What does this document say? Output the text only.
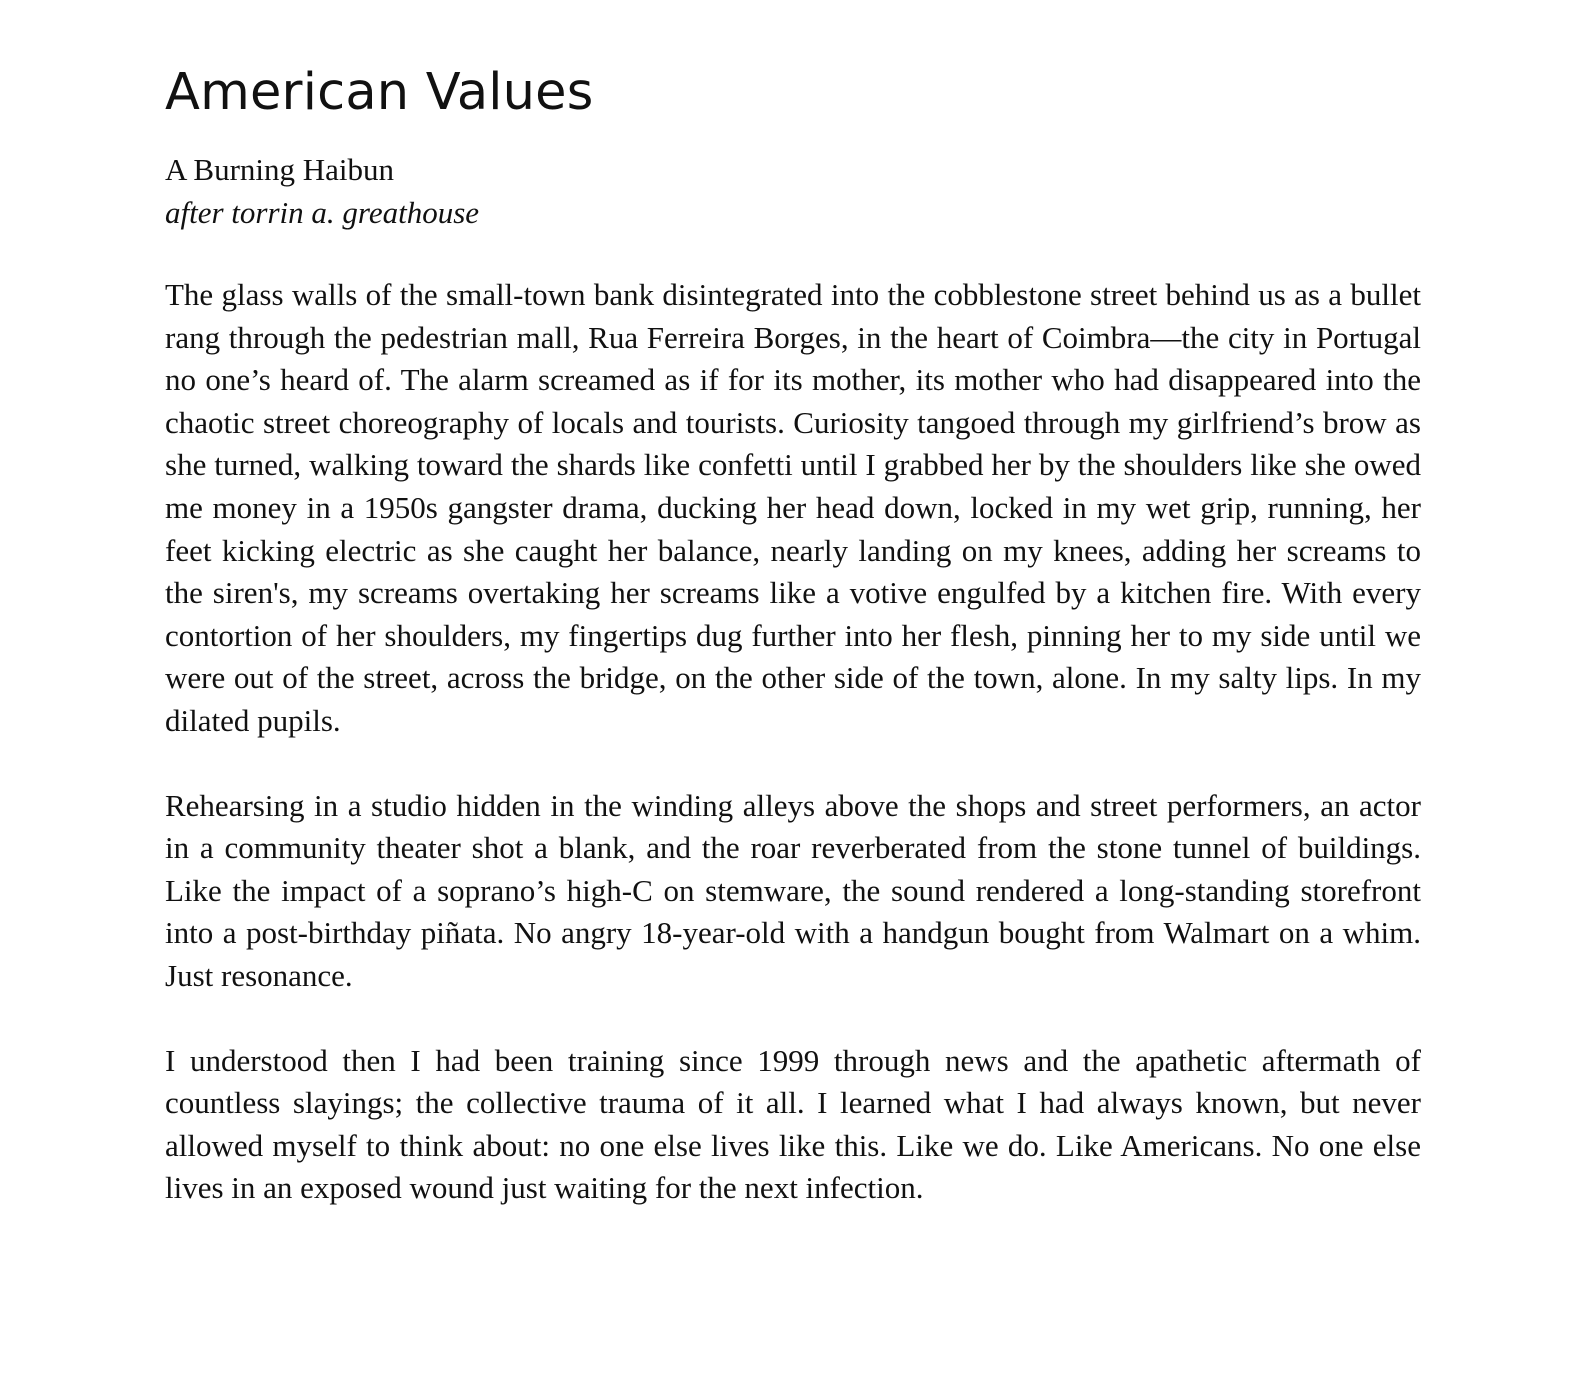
American Values
A Burning Haibun
after torrin a. greathouse

The glass walls of the small-town bank disintegrated into the cobblestone street behind us as a bullet rang through the pedestrian mall, Rua Ferreira Borges, in the heart of Coimbra—the city in Portugal no one’s heard of. The alarm screamed as if for its mother, its mother who had disappeared into the chaotic street choreography of locals and tourists. Curiosity tangoed through my girlfriend’s brow as she turned, walking toward the shards like confetti until I grabbed her by the shoulders like she owed me money in a 1950s gangster drama, ducking her head down, locked in my wet grip, running, her feet kicking electric as she caught her balance, nearly landing on my knees, adding her screams to the siren's, my screams overtaking her screams like a votive engulfed by a kitchen fire. With every contortion of her shoulders, my fingertips dug further into her flesh, pinning her to my side until we were out of the street, across the bridge, on the other side of the town, alone. In my salty lips. In my dilated pupils.

Rehearsing in a studio hidden in the winding alleys above the shops and street performers, an actor in a community theater shot a blank, and the roar reverberated from the stone tunnel of buildings. Like the impact of a soprano’s high-C on stemware, the sound rendered a long-standing storefront into a post-birthday piñata. No angry 18-year-old with a handgun bought from Walmart on a whim. Just resonance.

I understood then I had been training since 1999 through news and the apathetic aftermath of countless slayings; the collective trauma of it all. I learned what I had always known, but never allowed myself to think about: no one else lives like this. Like we do. Like Americans. No one else lives in an exposed wound just waiting for the next infection.
